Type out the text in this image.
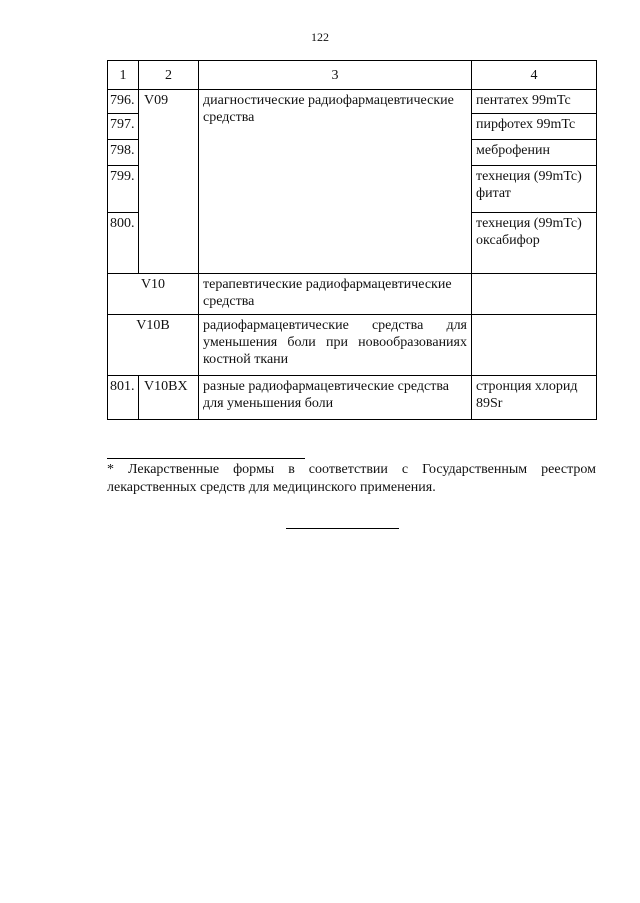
122
1	2	3	4
796.	V09	диагностические радиофармацевтические средства	пентатех 99mTc
797.			пирфотех 99mTc
798.			меброфенин
799.			технеция (99mTc) фитат
800.			технеция (99mTc) оксабифор
V10		терапевтические радиофармацевтические средства	
V10B		радиофармацевтические средства для уменьшения боли при новообразованиях костной ткани	
801.	V10BX	разные радиофармацевтические средства для уменьшения боли	стронция хлорид 89Sr
* Лекарственные формы в соответствии с Государственным реестром лекарственных средств для медицинского применения.
